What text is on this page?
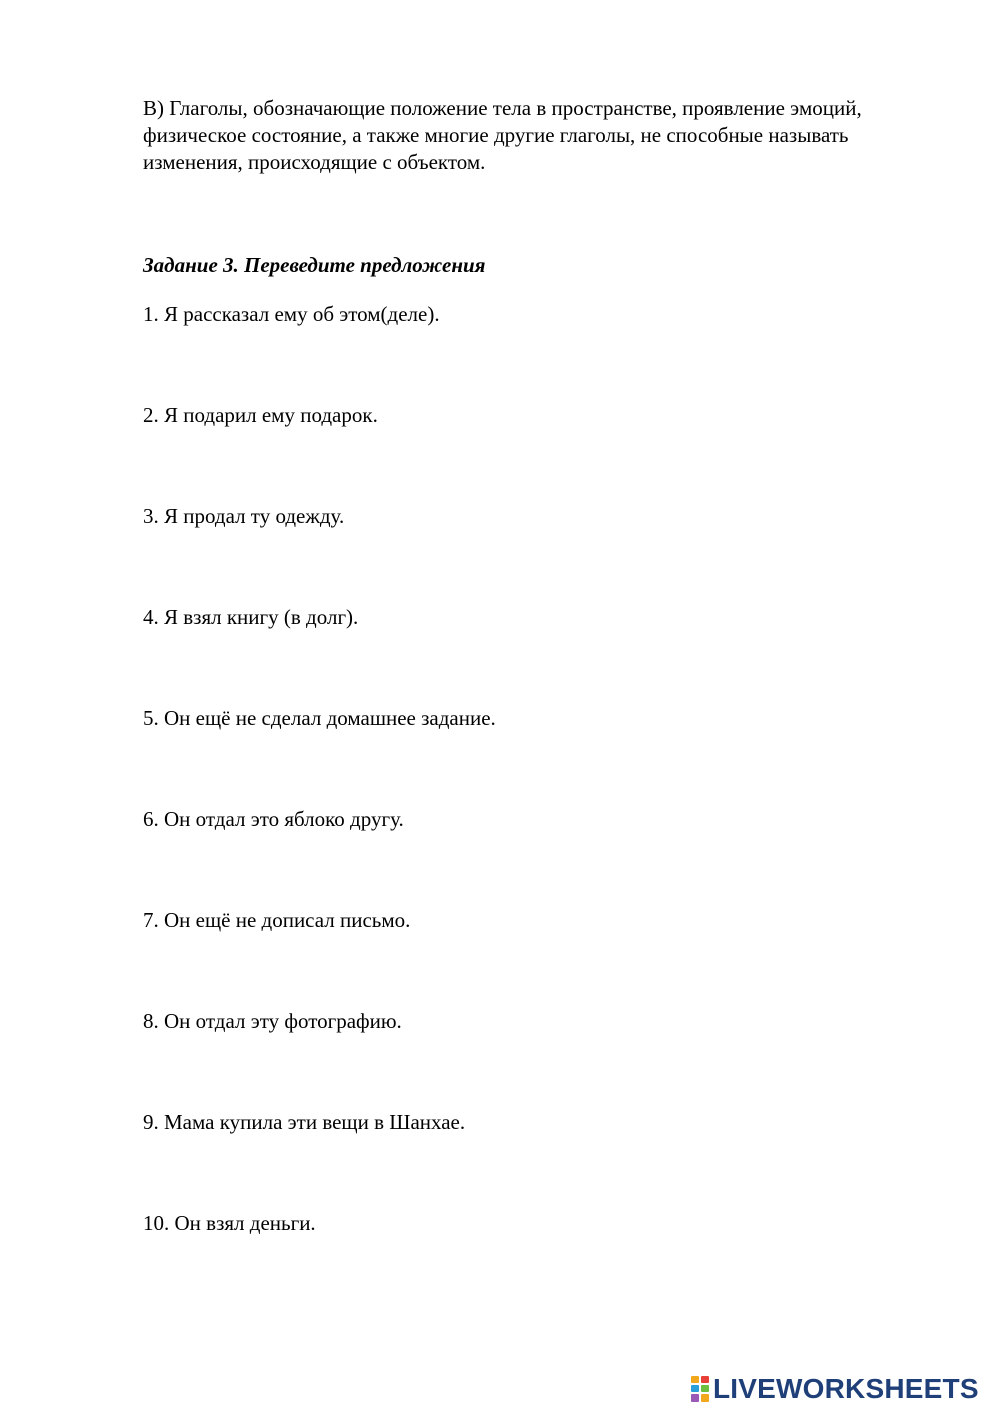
B) Глаголы, обозначающие положение тела в пространстве, проявление эмоций, физическое состояние, а также многие другие глаголы, не способные называть изменения, происходящие с объектом.

Задание 3. Переведите предложения

1. Я рассказал ему об этом(деле).

2. Я подарил ему подарок.

3. Я продал ту одежду.

4. Я взял книгу (в долг).

5. Он ещё не сделал домашнее задание.

6. Он отдал это яблоко другу.

7. Он ещё не дописал письмо.

8. Он отдал эту фотографию.

9. Мама купила эти вещи в Шанхае.

10. Он взял деньги.

LIVEWORKSHEETS
